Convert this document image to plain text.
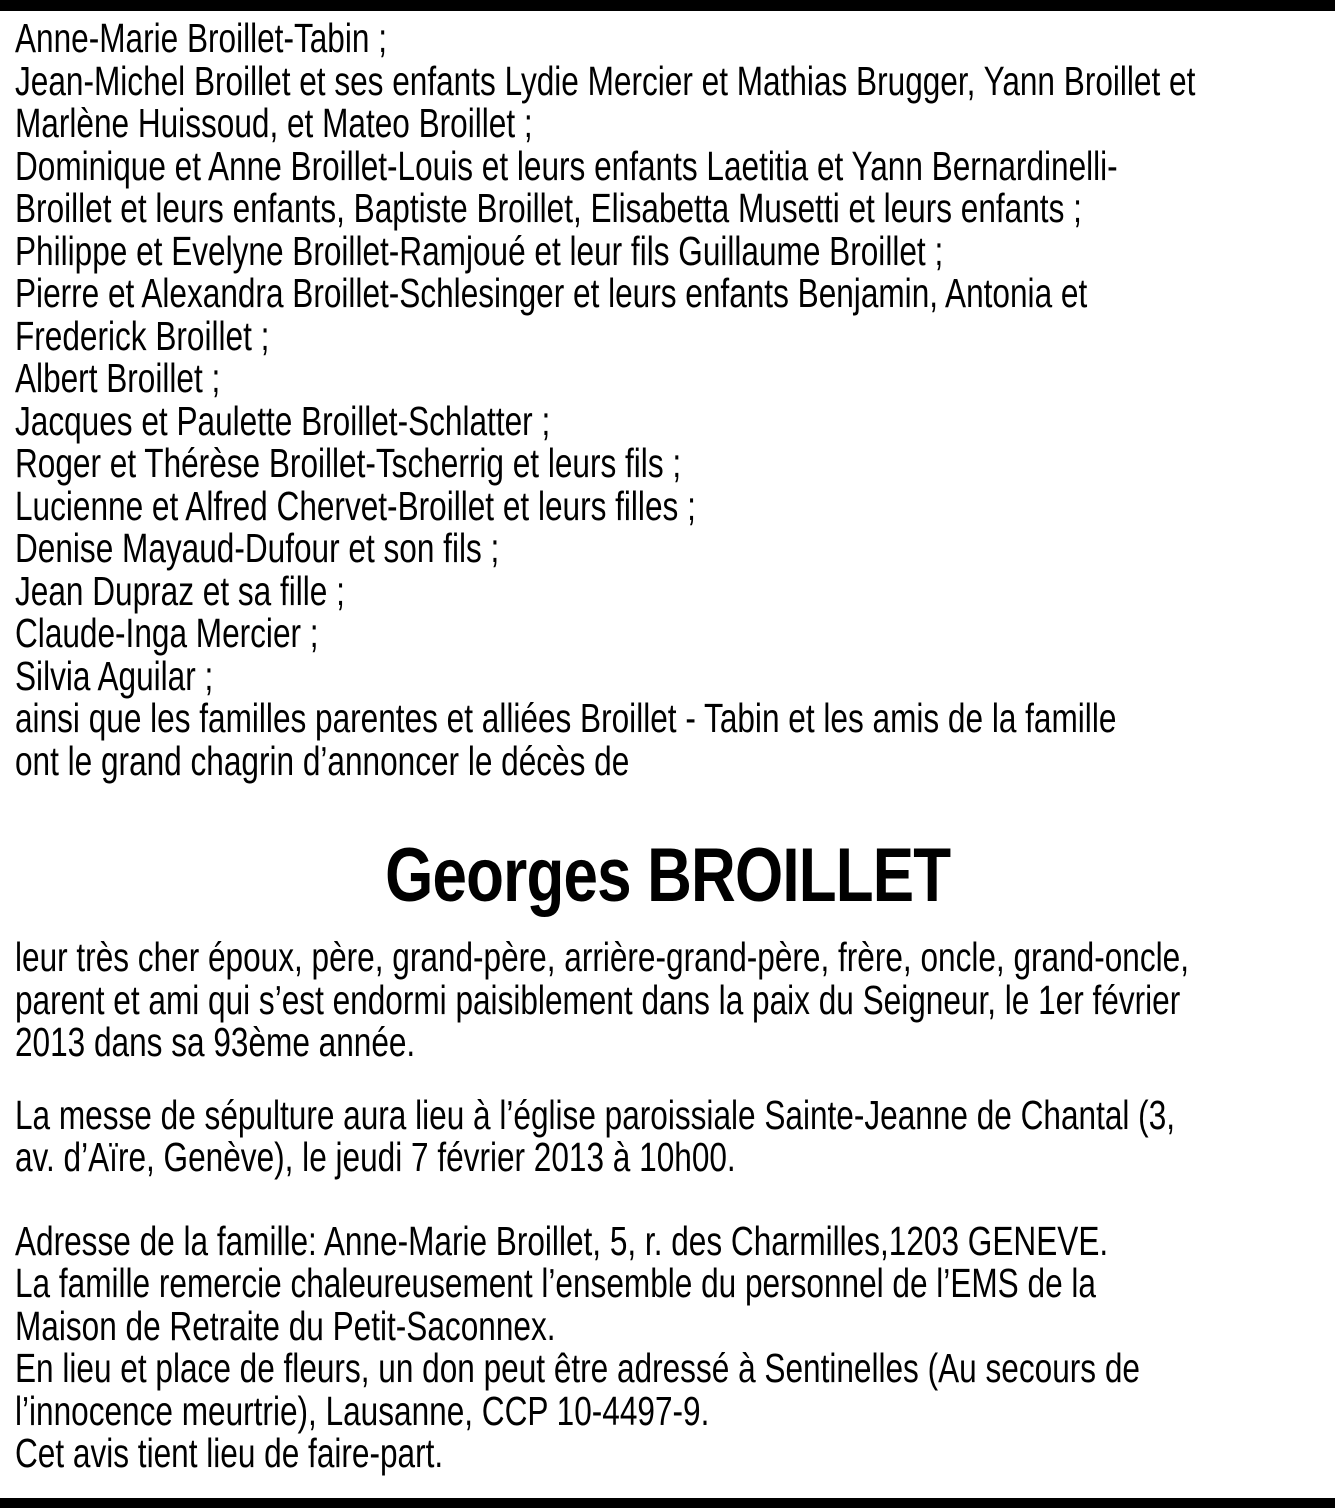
Anne-Marie Broillet-Tabin ;
Jean-Michel Broillet et ses enfants Lydie Mercier et Mathias Brugger, Yann Broillet et
Marlène Huissoud, et Mateo Broillet ;
Dominique et Anne Broillet-Louis et leurs enfants Laetitia et Yann Bernardinelli-
Broillet et leurs enfants, Baptiste Broillet, Elisabetta Musetti et leurs enfants ;
Philippe et Evelyne Broillet-Ramjoué et leur fils Guillaume Broillet ;
Pierre et Alexandra Broillet-Schlesinger et leurs enfants Benjamin, Antonia et
Frederick Broillet ;
Albert Broillet ;
Jacques et Paulette Broillet-Schlatter ;
Roger et Thérèse Broillet-Tscherrig et leurs fils ;
Lucienne et Alfred Chervet-Broillet et leurs filles ;
Denise Mayaud-Dufour et son fils ;
Jean Dupraz et sa fille ;
Claude-Inga Mercier ;
Silvia Aguilar ;
ainsi que les familles parentes et alliées Broillet - Tabin et les amis de la famille
ont le grand chagrin d’annoncer le décès de
Georges BROILLET
leur très cher époux, père, grand-père, arrière-grand-père, frère, oncle, grand-oncle,
parent et ami qui s’est endormi paisiblement dans la paix du Seigneur, le 1er février
2013 dans sa 93ème année.
La messe de sépulture aura lieu à l’église paroissiale Sainte-Jeanne de Chantal (3,
av. d’Aïre, Genève), le jeudi 7 février 2013 à 10h00.
Adresse de la famille: Anne-Marie Broillet, 5, r. des Charmilles,1203 GENEVE.
La famille remercie chaleureusement l’ensemble du personnel de l’EMS de la
Maison de Retraite du Petit-Saconnex.
En lieu et place de fleurs, un don peut être adressé à Sentinelles (Au secours de
l’innocence meurtrie), Lausanne, CCP 10-4497-9.
Cet avis tient lieu de faire-part.
